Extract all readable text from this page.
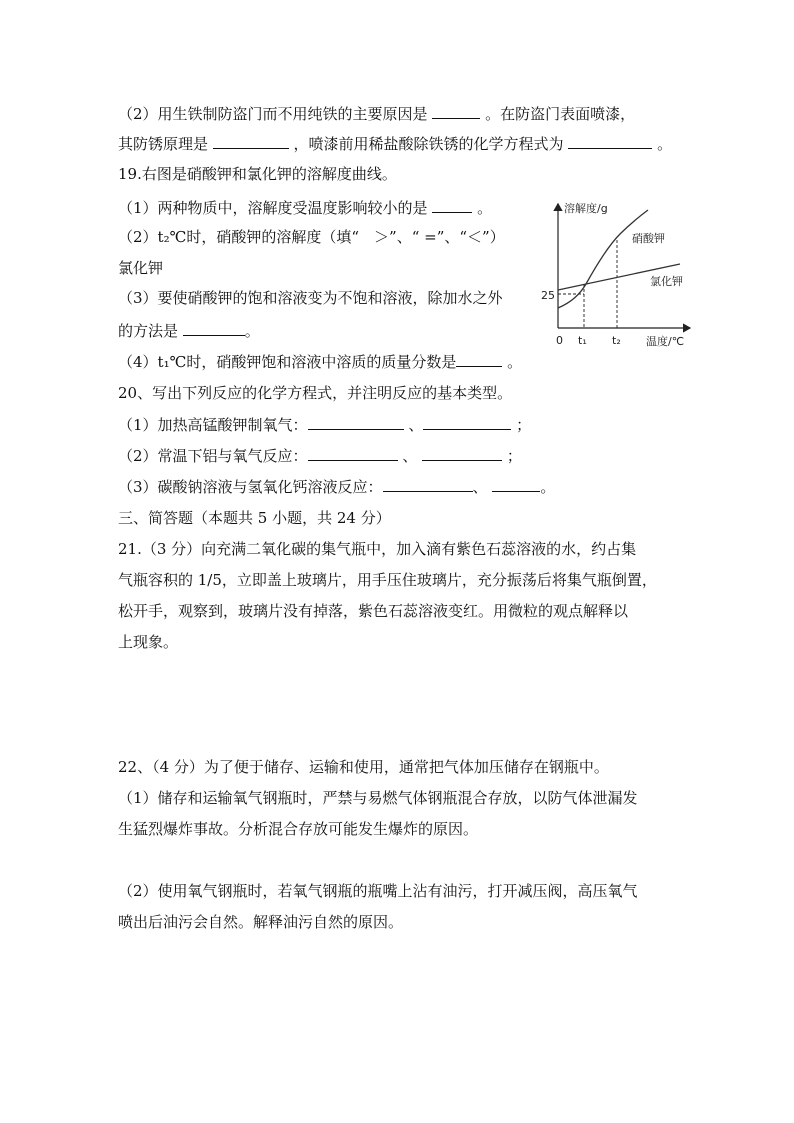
（2）用生铁制防盗门而不用纯铁的主要原因是	。在防盗门表面喷漆，
其防锈原理是	，喷漆前用稀盐酸除铁锈的化学方程式为	。
19.右图是硝酸钾和氯化钾的溶解度曲线。
（1）两种物质中，溶解度受温度影响较小的是	。
（2）t₂℃时，硝酸钾的溶解度（填“　＞”、“ =”、“＜”）
氯化钾
（3）要使硝酸钾的饱和溶液变为不饱和溶液，除加水之外
的方法是	。
（4）t₁℃时，硝酸钾饱和溶液中溶质的质量分数是	。
溶解度/g
温度/℃
0 t₁ t₂
25
硝酸钾
氯化钾
20、写出下列反应的化学方程式，并注明反应的基本类型。
（1）加热高锰酸钾制氧气：	、	；
（2）常温下铝与氧气反应：	、	；
（3）碳酸钠溶液与氢氧化钙溶液反应：	、	。
三、简答题（本题共 5 小题，共 24 分）
21.（3 分）向充满二氧化碳的集气瓶中，加入滴有紫色石蕊溶液的水，约占集
气瓶容积的 1/5，立即盖上玻璃片，用手压住玻璃片，充分振荡后将集气瓶倒置，
松开手，观察到，玻璃片没有掉落，紫色石蕊溶液变红。用微粒的观点解释以
上现象。
22、（4 分）为了便于储存、运输和使用，通常把气体加压储存在钢瓶中。
（1）储存和运输氧气钢瓶时，严禁与易燃气体钢瓶混合存放，以防气体泄漏发
生猛烈爆炸事故。分析混合存放可能发生爆炸的原因。
（2）使用氧气钢瓶时，若氧气钢瓶的瓶嘴上沾有油污，打开减压阀，高压氧气
喷出后油污会自然。解释油污自然的原因。
